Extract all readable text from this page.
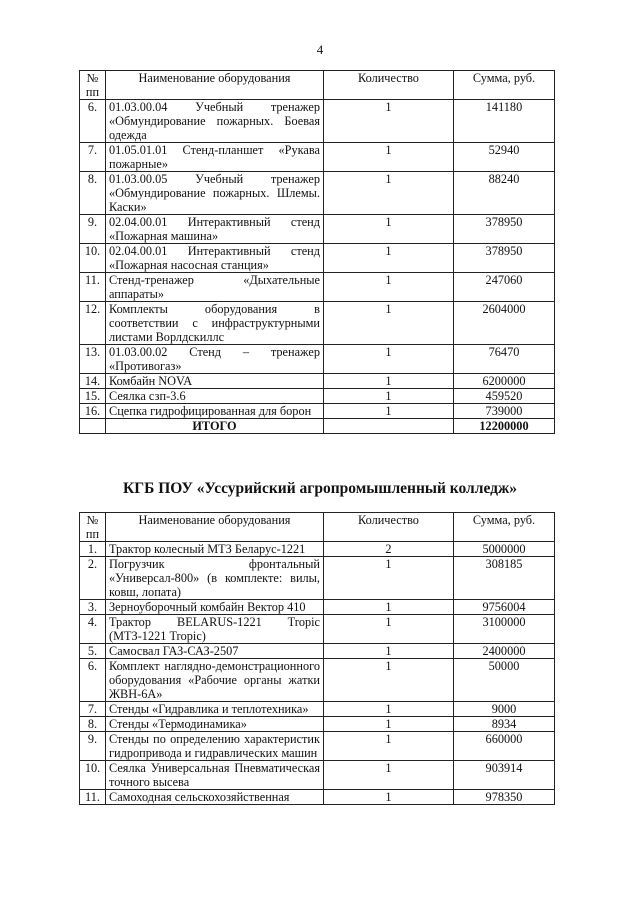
4
№ пп	Наименование оборудования	Количество	Сумма, руб.
6.	01.03.00.04 Учебный тренажер «Обмундирование пожарных. Боевая одежда	1	141180
7.	01.05.01.01 Стенд-планшет «Рукава пожарные»	1	52940
8.	01.03.00.05 Учебный тренажер «Обмундирование пожарных. Шлемы. Каски»	1	88240
9.	02.04.00.01 Интерактивный стенд «Пожарная машина»	1	378950
10.	02.04.00.01 Интерактивный стенд «Пожарная насосная станция»	1	378950
11.	Стенд-тренажер «Дыхательные аппараты»	1	247060
12.	Комплекты оборудования в соответствии с инфраструктурными листами Ворлдскиллс	1	2604000
13.	01.03.00.02 Стенд – тренажер «Противогаз»	1	76470
14.	Комбайн NOVA	1	6200000
15.	Сеялка сзп-3.6	1	459520
16.	Сцепка гидрофицированная для борон	1	739000
	ИТОГО		12200000
КГБ ПОУ «Уссурийский агропромышленный колледж»
№ пп	Наименование оборудования	Количество	Сумма, руб.
1.	Трактор колесный МТЗ Беларус-1221	2	5000000
2.	Погрузчик фронтальный «Универсал-800» (в комплекте: вилы, ковш, лопата)	1	308185
3.	Зерноуборочный комбайн Вектор 410	1	9756004
4.	Трактор BELARUS-1221 Tropic (МТЗ-1221 Tropic)	1	3100000
5.	Самосвал ГАЗ-САЗ-2507	1	2400000
6.	Комплект наглядно-демонстрационного оборудования «Рабочие органы жатки ЖВН-6А»	1	50000
7.	Стенды «Гидравлика и теплотехника»	1	9000
8.	Стенды «Термодинамика»	1	8934
9.	Стенды по определению характеристик гидропривода и гидравлических машин	1	660000
10.	Сеялка Универсальная Пневматическая точного высева	1	903914
11.	Самоходная сельскохозяйственная	1	978350
